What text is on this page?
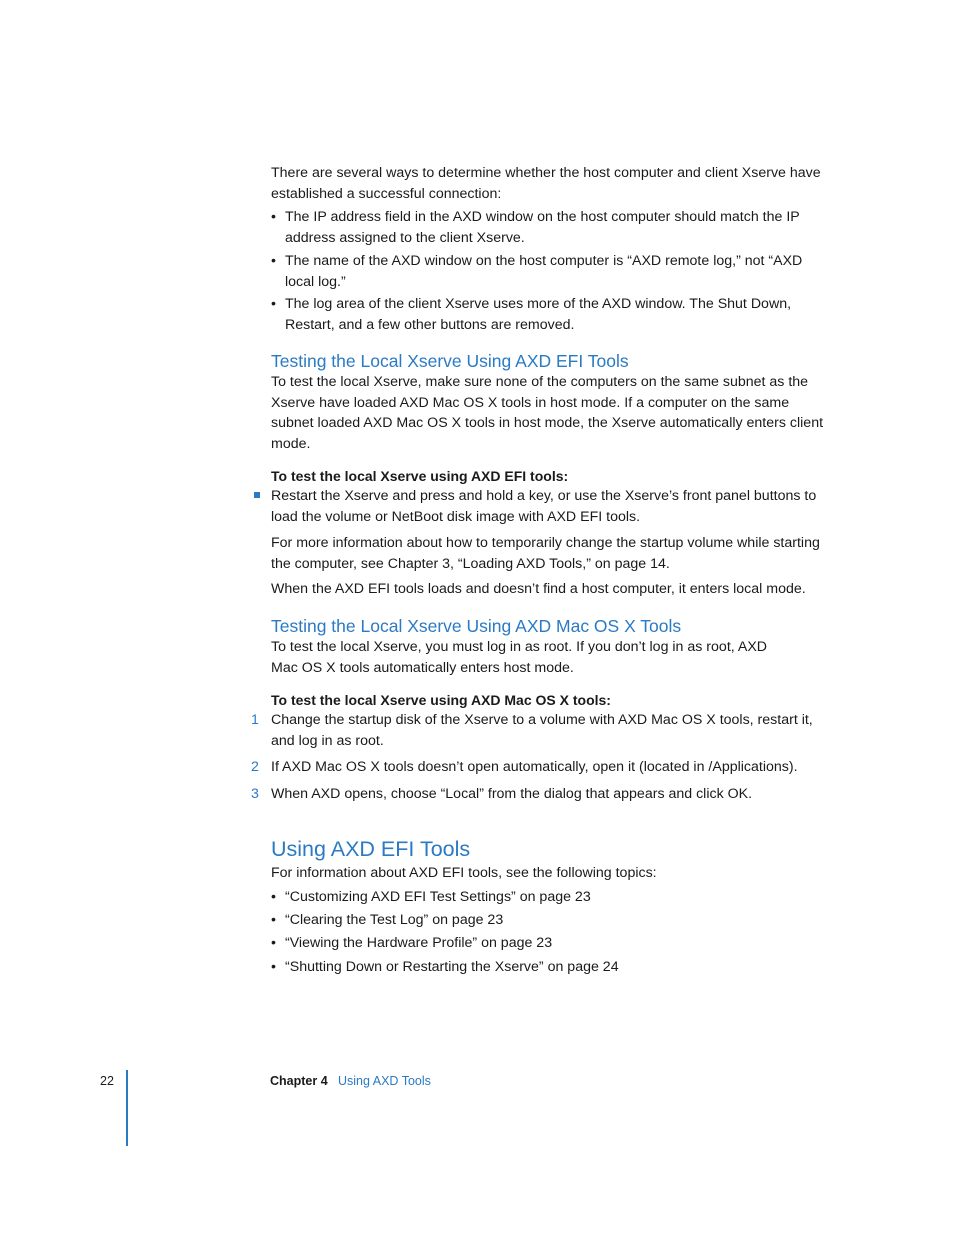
There are several ways to determine whether the host computer and client Xserve have established a successful connection:
• The IP address field in the AXD window on the host computer should match the IP address assigned to the client Xserve.
• The name of the AXD window on the host computer is “AXD remote log,” not “AXD local log.”
• The log area of the client Xserve uses more of the AXD window. The Shut Down, Restart, and a few other buttons are removed.
Testing the Local Xserve Using AXD EFI Tools
To test the local Xserve, make sure none of the computers on the same subnet as the Xserve have loaded AXD Mac OS X tools in host mode. If a computer on the same subnet loaded AXD Mac OS X tools in host mode, the Xserve automatically enters client mode.
To test the local Xserve using AXD EFI tools:
Restart the Xserve and press and hold a key, or use the Xserve’s front panel buttons to load the volume or NetBoot disk image with AXD EFI tools.
For more information about how to temporarily change the startup volume while starting the computer, see Chapter 3, “Loading AXD Tools,” on page 14.
When the AXD EFI tools loads and doesn’t find a host computer, it enters local mode.
Testing the Local Xserve Using AXD Mac OS X Tools
To test the local Xserve, you must log in as root. If you don’t log in as root, AXD Mac OS X tools automatically enters host mode.
To test the local Xserve using AXD Mac OS X tools:
1 Change the startup disk of the Xserve to a volume with AXD Mac OS X tools, restart it, and log in as root.
2 If AXD Mac OS X tools doesn’t open automatically, open it (located in /Applications).
3 When AXD opens, choose “Local” from the dialog that appears and click OK.
Using AXD EFI Tools
For information about AXD EFI tools, see the following topics:
• “Customizing AXD EFI Test Settings” on page 23
• “Clearing the Test Log” on page 23
• “Viewing the Hardware Profile” on page 23
• “Shutting Down or Restarting the Xserve” on page 24
22	Chapter 4 Using AXD Tools
